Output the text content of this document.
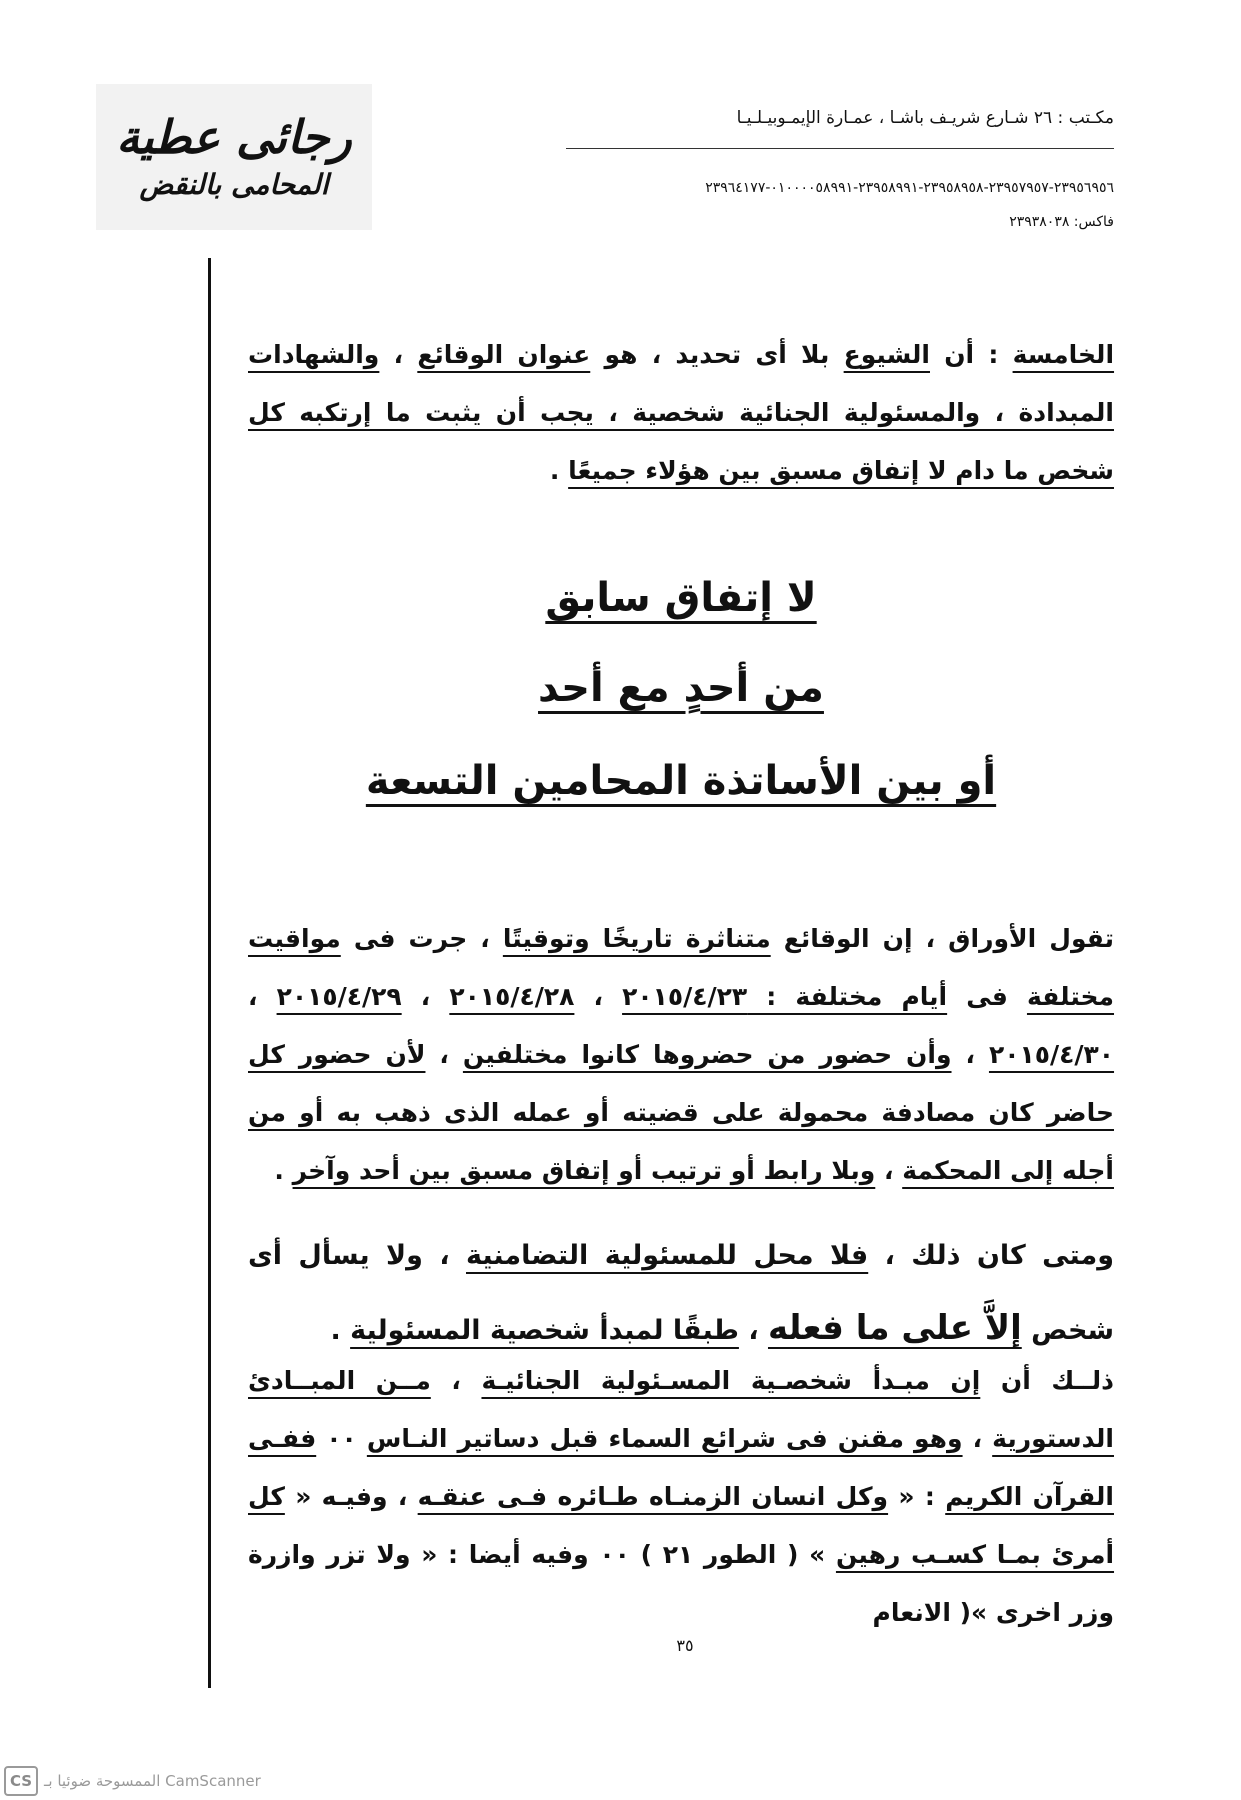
رجائى عطية
المحامى بالنقض
مكـتب : ٢٦ شـارع شريـف باشـا ، عمـارة الإيمـوبيـلـيـا
٢٣٩٥٦٩٥٦-٢٣٩٥٧٩٥٧-٢٣٩٥٨٩٥٨-٢٣٩٥٨٩٩١-٠١٠٠٠٠٥٨٩٩١-٢٣٩٦٤١٧٧
فاكس: ٢٣٩٣٨٠٣٨
الخامسة : أن الشيوع بلا أى تحديد ، هو عنوان الوقائع ، والشهادات المبدادة ، والمسئولية الجنائية شخصية ، يجب أن يثبت ما إرتكبه كل شخص ما دام لا إتفاق مسبق بين هؤلاء جميعًا .
لا إتفاق سابق
من أحدٍ مع أحد
أو بين الأساتذة المحامين التسعة
تقول الأوراق ، إن الوقائع متناثرة تاريخًا وتوقيتًا ، جرت فى مواقيت مختلفة فى أيام مختلفة : ٢٠١٥/٤/٢٣ ، ٢٠١٥/٤/٢٨ ، ٢٠١٥/٤/٢٩ ، ٢٠١٥/٤/٣٠ ، وأن حضور من حضروها كانوا مختلفين ، لأن حضور كل حاضر كان مصادفة محمولة على قضيته أو عمله الذى ذهب به أو من أجله إلى المحكمة ، وبلا رابط أو ترتيب أو إتفاق مسبق بين أحد وآخر .
ومتى كان ذلك ، فلا محل للمسئولية التضامنية ، ولا يسأل أى شخص إلاَّ على ما فعله ، طبقًا لمبدأ شخصية المسئولية .
ذلــك أن إن مبـدأ شخصـية المسـئولية الجنائيـة ، مــن المبــادئ الدستورية ، وهو مقنن فى شرائع السماء قبل دساتير النـاس ٠٠ ففـى القرآن الكريم : « وكل انسان الزمنـاه طـائره فـى عنقـه ، وفيـه « كل أمرئ بمـا كسـب رهين » ( الطور ٢١ ) ٠٠ وفيه أيضا : « ولا تزر وازرة وزر اخرى »( الانعام
٣٥
CS الممسوحة ضوئيا بـ CamScanner
